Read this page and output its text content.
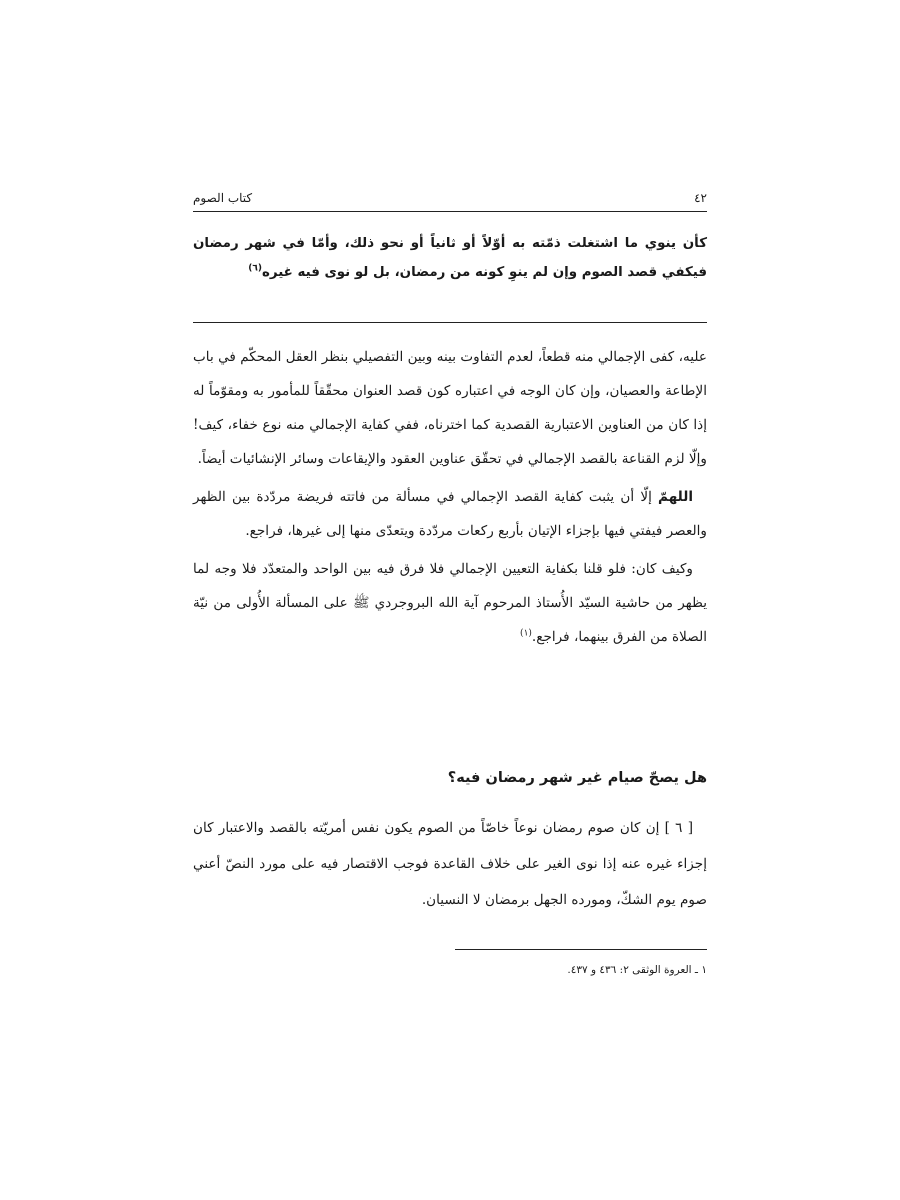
٤٢
كتاب الصوم
كأن ينوي ما اشتغلت ذمّته به أوّلاً أو ثانياً أو نحو ذلك، وأمّا في شهر رمضان فيكفي قصد الصوم وإن لم ينوِ كونه من رمضان، بل لو نوى فيه غيره$^{(٦)}$

عليه، كفى الإجمالي منه قطعاً، لعدم التفاوت بينه وبين التفصيلي بنظر العقل المحكّم في باب الإطاعة والعصيان، وإن كان الوجه في اعتباره كون قصد العنوان محقّقاً للمأمور به ومقوّماً له إذا كان من العناوين الاعتبارية القصدية كما اخترناه، ففي كفاية الإجمالي منه نوع خفاء، كيف! وإلّا لزم القناعة بالقصد الإجمالي في تحقّق عناوين العقود والإيقاعات وسائر الإنشائيات أيضاً.

اللهمّ إلّا أن يثبت كفاية القصد الإجمالي في مسألة من فاتته فريضة مردّدة بين الظهر والعصر فيفتي فيها بإجزاء الإتيان بأربع ركعات مردّدة ويتعدّى منها إلى غيرها، فراجع.

وكيف كان: فلو قلنا بكفاية التعيين الإجمالي فلا فرق فيه بين الواحد والمتعدّد فلا وجه لما يظهر من حاشية السيّد الأُستاذ المرحوم آية الله البروجردي ﷺ على المسألة الأُولى من نيّة الصلاة من الفرق بينهما، فراجع.$^{(١)}$

هل يصحّ صيام غير شهر رمضان فيه؟

[ ٦ ] إن كان صوم رمضان نوعاً خاصّاً من الصوم يكون نفس أمريّته بالقصد والاعتبار كان إجزاء غيره عنه إذا نوى الغير على خلاف القاعدة فوجب الاقتصار فيه على مورد النصّ أعني صوم يوم الشكّ، ومورده الجهل برمضان لا النسيان.

١ ـ العروة الوثقى ٢: ٤٣٦ و ٤٣٧.
